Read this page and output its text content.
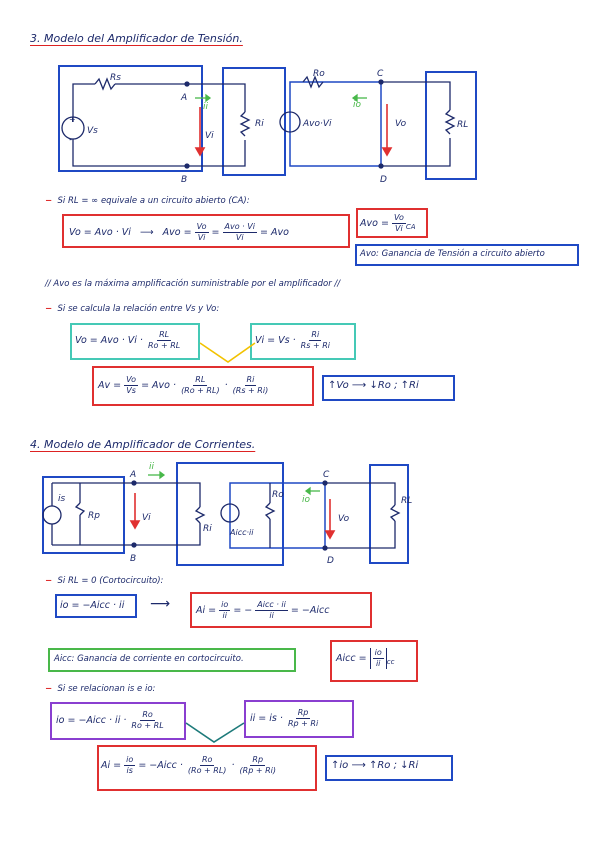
3. Modelo del Amplificador de Tensión.
Rs
+
-
Vs
A
B
ii
Vi
Ri
Ro
io
Avo·Vi	Vo
C
D
RL
− Si RL = ∞ equivale a un circuito abierto (CA):
Vo = Avo · Vi ⟶ Avo = $\frac{Vo}{Vi} = \frac{\text{Avo · Vi}}{Vi}$ = Avo
Avo = $\frac{Vo}{Vi} _{CA}$
Avo: Ganancia de Tensión a circuito abierto
// Avo es la máxima amplificación suministrable por el amplificador //
− Si se calcula la relación entre Vs y Vo:
Vo = Avo · $Vi \cdot \frac{RL}{Ro + RL}$	$Vi = Vs \cdot \frac{Ri}{Rs + Ri}$
$Av = \frac{Vo}{Vs}$ = Avo · $\frac{RL}{(Ro + RL)} \cdot \frac{Ri}{(Rs + Ri)}$	↑Vo ⟶ ↓Ro ; ↑Ri
4. Modelo de Amplificador de Corrientes.
is
Rp
A
B
ii
Vi
Ri Aicc·ii
Ro io
Vo
C
D
RL
− Si RL = 0 (Cortocircuito):
io = −Aicc · ii ⟶	$Ai = \frac{io}{ii}$ = − $\frac{\text{Aicc · ii}}{ii}$ = −Aicc
Aicc: Ganancia de corriente en cortocircuito.	Aicc = $\frac{io}{ii} _{cc}$
− Si se relacionan is e io:
io = −Aicc · ii · $\frac{Ro}{Ro + RL}$	ii = is · $\frac{Rp}{Rp + Ri}$
$Ai = \frac{io}{is}$ = −Aicc · $\frac{Ro}{(Ro + RL)} \cdot \frac{Rp}{(Rp + Ri)}$	↑io ⟶ ↑Ro ; ↓Ri
